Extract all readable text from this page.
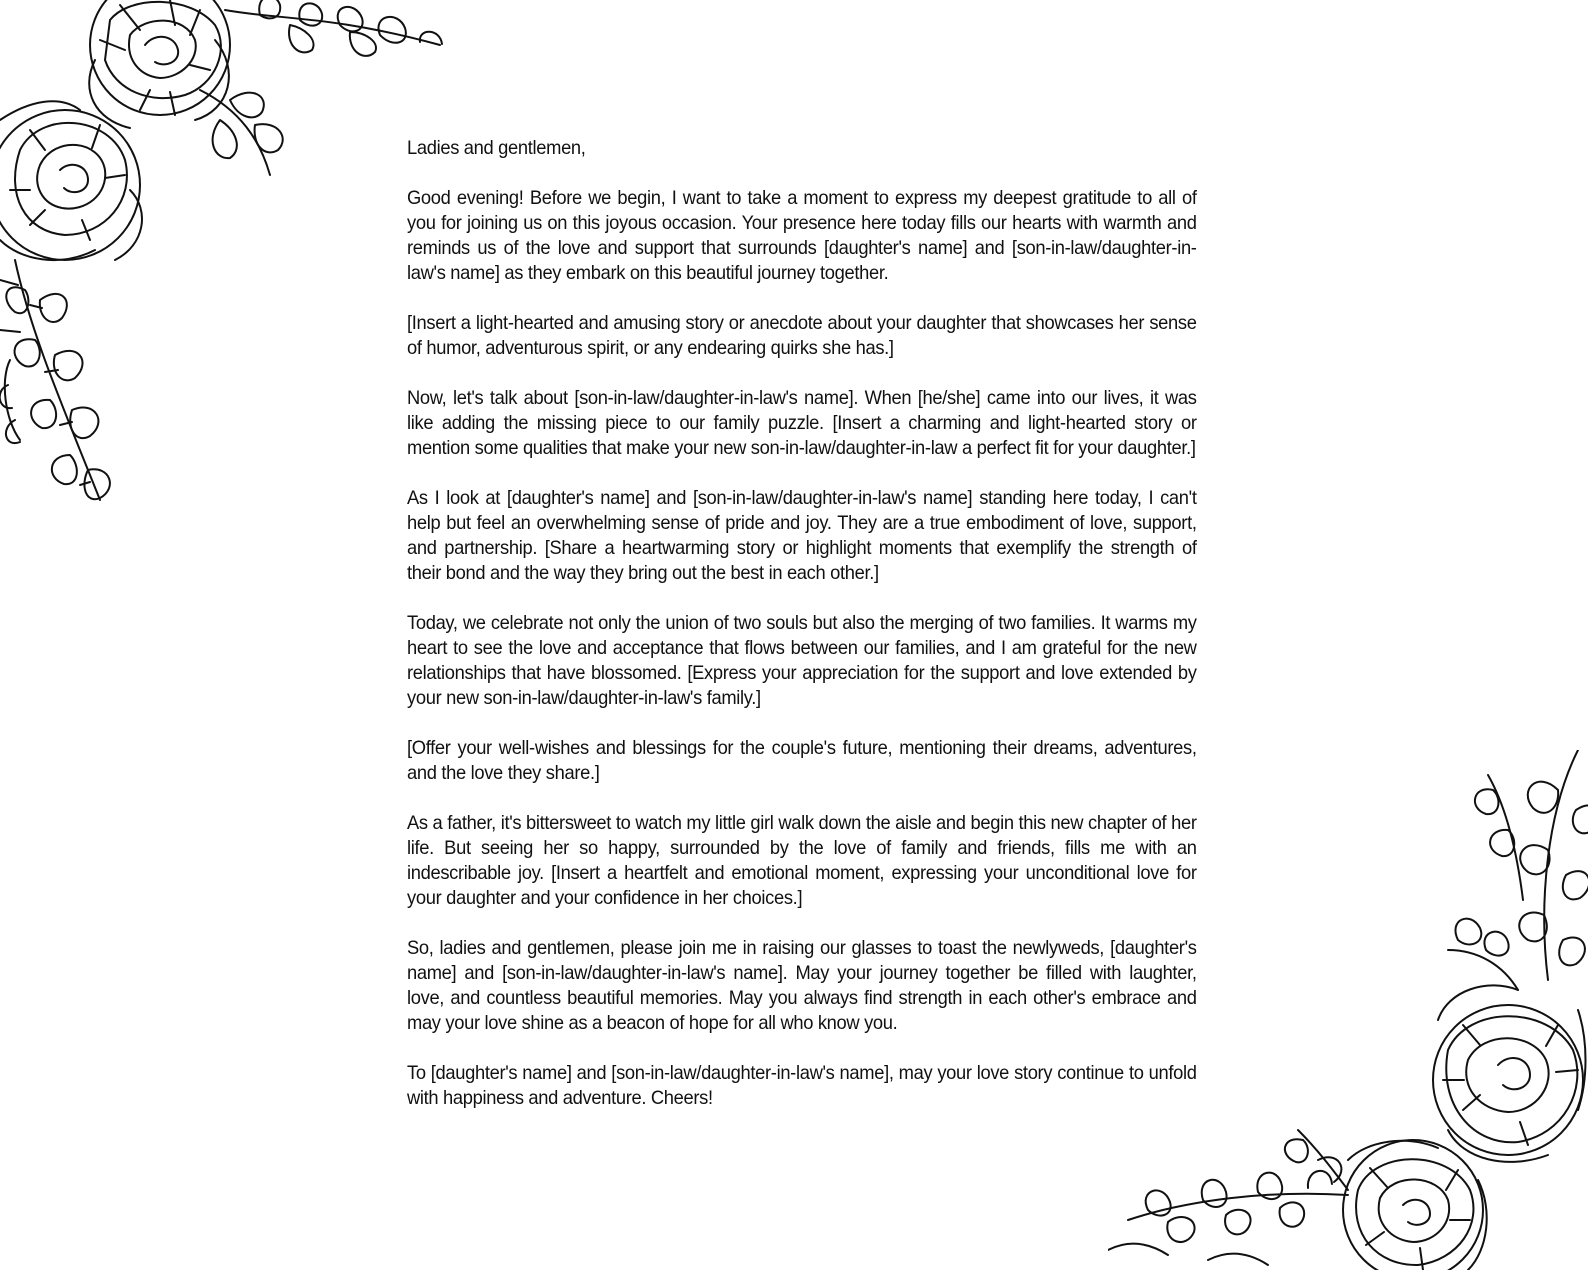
Ladies and gentlemen,

Good evening! Before we begin, I want to take a moment to express my deepest gratitude to all of you for joining us on this joyous occasion. Your presence here today fills our hearts with warmth and reminds us of the love and support that surrounds [daughter's name] and [son-in-law/daughter-in-law's name] as they embark on this beautiful journey together.

[Insert a light-hearted and amusing story or anecdote about your daughter that showcases her sense of humor, adventurous spirit, or any endearing quirks she has.]

Now, let's talk about [son-in-law/daughter-in-law's name]. When [he/she] came into our lives, it was like adding the missing piece to our family puzzle. [Insert a charming and light-hearted story or mention some qualities that make your new son-in-law/daughter-in-law a perfect fit for your daughter.]

As I look at [daughter's name] and [son-in-law/daughter-in-law's name] standing here today, I can't help but feel an overwhelming sense of pride and joy. They are a true embodiment of love, support, and partnership. [Share a heartwarming story or highlight moments that exemplify the strength of their bond and the way they bring out the best in each other.]

Today, we celebrate not only the union of two souls but also the merging of two families. It warms my heart to see the love and acceptance that flows between our families, and I am grateful for the new relationships that have blossomed. [Express your appreciation for the support and love extended by your new son-in-law/daughter-in-law's family.]

[Offer your well-wishes and blessings for the couple's future, mentioning their dreams, adventures, and the love they share.]

As a father, it's bittersweet to watch my little girl walk down the aisle and begin this new chapter of her life. But seeing her so happy, surrounded by the love of family and friends, fills me with an indescribable joy. [Insert a heartfelt and emotional moment, expressing your unconditional love for your daughter and your confidence in her choices.]

So, ladies and gentlemen, please join me in raising our glasses to toast the newlyweds, [daughter's name] and [son-in-law/daughter-in-law's name]. May your journey together be filled with laughter, love, and countless beautiful memories. May you always find strength in each other's embrace and may your love shine as a beacon of hope for all who know you.

To [daughter's name] and [son-in-law/daughter-in-law's name], may your love story continue to unfold with happiness and adventure. Cheers!
